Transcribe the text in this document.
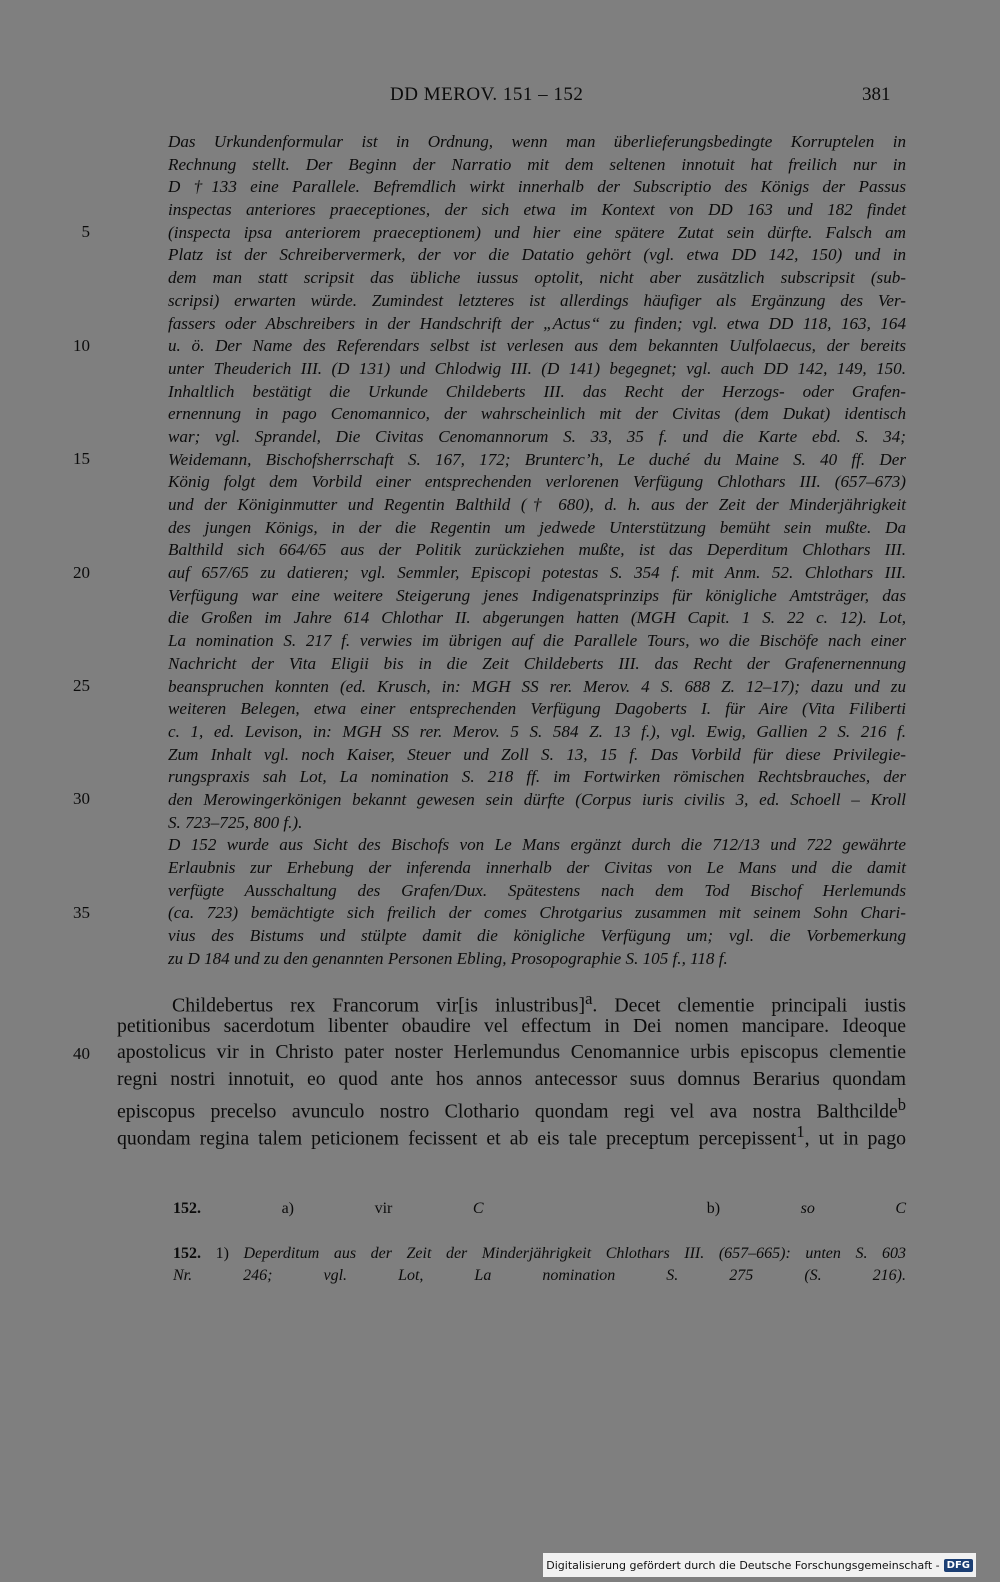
DD MEROV. 151 – 152	381
Das Urkundenformular ist in Ordnung, wenn man überlieferungsbedingte Korruptelen in
Rechnung stellt. Der Beginn der Narratio mit dem seltenen innotuit hat freilich nur in
D †133 eine Parallele. Befremdlich wirkt innerhalb der Subscriptio des Königs der Passus
inspectas anteriores praeceptiones, der sich etwa im Kontext von DD 163 und 182 findet
(inspecta ipsa anteriorem praeceptionem) und hier eine spätere Zutat sein dürfte. Falsch am
Platz ist der Schreibervermerk, der vor die Datatio gehört (vgl. etwa DD 142, 150) und in
dem man statt scripsit das übliche iussus optolit, nicht aber zusätzlich subscripsit (sub-
scripsi) erwarten würde. Zumindest letzteres ist allerdings häufiger als Ergänzung des Ver-
fassers oder Abschreibers in der Handschrift der „Actus“ zu finden; vgl. etwa DD 118, 163, 164
u. ö. Der Name des Referendars selbst ist verlesen aus dem bekannten Uulfolaecus, der bereits
unter Theuderich III. (D 131) und Chlodwig III. (D 141) begegnet; vgl. auch DD 142, 149, 150.
Inhaltlich bestätigt die Urkunde Childeberts III. das Recht der Herzogs- oder Grafen-
ernennung in pago Cenomannico, der wahrscheinlich mit der Civitas (dem Dukat) identisch
war; vgl. Sprandel, Die Civitas Cenomannorum S. 33, 35 f. und die Karte ebd. S. 34;
Weidemann, Bischofsherrschaft S. 167, 172; Brunterc’h, Le duché du Maine S. 40 ff. Der
König folgt dem Vorbild einer entsprechenden verlorenen Verfügung Chlothars III. (657–673)
und der Königinmutter und Regentin Balthild († 680), d. h. aus der Zeit der Minderjährigkeit
des jungen Königs, in der die Regentin um jedwede Unterstützung bemüht sein mußte. Da
Balthild sich 664/65 aus der Politik zurückziehen mußte, ist das Deperditum Chlothars III.
auf 657/65 zu datieren; vgl. Semmler, Episcopi potestas S. 354 f. mit Anm. 52. Chlothars III.
Verfügung war eine weitere Steigerung jenes Indigenatsprinzips für königliche Amtsträger, das
die Großen im Jahre 614 Chlothar II. abgerungen hatten (MGH Capit. 1 S. 22 c. 12). Lot,
La nomination S. 217 f. verwies im übrigen auf die Parallele Tours, wo die Bischöfe nach einer
Nachricht der Vita Eligii bis in die Zeit Childeberts III. das Recht der Grafenernennung
beanspruchen konnten (ed. Krusch, in: MGH SS rer. Merov. 4 S. 688 Z. 12–17); dazu und zu
weiteren Belegen, etwa einer entsprechenden Verfügung Dagoberts I. für Aire (Vita Filiberti
c. 1, ed. Levison, in: MGH SS rer. Merov. 5 S. 584 Z. 13 f.), vgl. Ewig, Gallien 2 S. 216 f.
Zum Inhalt vgl. noch Kaiser, Steuer und Zoll S. 13, 15 f. Das Vorbild für diese Privilegie-
rungspraxis sah Lot, La nomination S. 218 ff. im Fortwirken römischen Rechtsbrauches, der
den Merowingerkönigen bekannt gewesen sein dürfte (Corpus iuris civilis 3, ed. Schoell – Kroll
S. 723–725, 800 f.).
D 152 wurde aus Sicht des Bischofs von Le Mans ergänzt durch die 712/13 und 722 gewährte
Erlaubnis zur Erhebung der inferenda innerhalb der Civitas von Le Mans und die damit
verfügte Ausschaltung des Grafen/Dux. Spätestens nach dem Tod Bischof Herlemunds
(ca. 723) bemächtigte sich freilich der comes Chrotgarius zusammen mit seinem Sohn Chari-
vius des Bistums und stülpte damit die königliche Verfügung um; vgl. die Vorbemerkung
zu D 184 und zu den genannten Personen Ebling, Prosopographie S. 105 f., 118 f.
5
10
15
20
25
30
35
40
Childebertus rex Francorum vir[is inlustribus]$^a$. Decet clementie principali iustis
petitionibus sacerdotum libenter obaudire vel effectum in Dei nomen mancipare. Ideoque
apostolicus vir in Christo pater noster Herlemundus Cenomannice urbis episcopus clementie
regni nostri innotuit, eo quod ante hos annos antecessor suus domnus Berarius quondam
episcopus precelso avunculo nostro Clothario quondam regi vel ava nostra Balthcilde$^b$
quondam regina talem peticionem fecissent et ab eis tale preceptum percepissent$^1$, ut in pago
152.	a)	vir	C	b)	so C
152. 1) Deperditum aus der Zeit der Minderjährigkeit Chlothars III. (657–665): unten S. 603
Nr. 246; vgl. Lot, La nomination S. 275 (S. 216).
Digitalisierung gefördert durch die Deutsche Forschungsgemeinschaft - DFG
